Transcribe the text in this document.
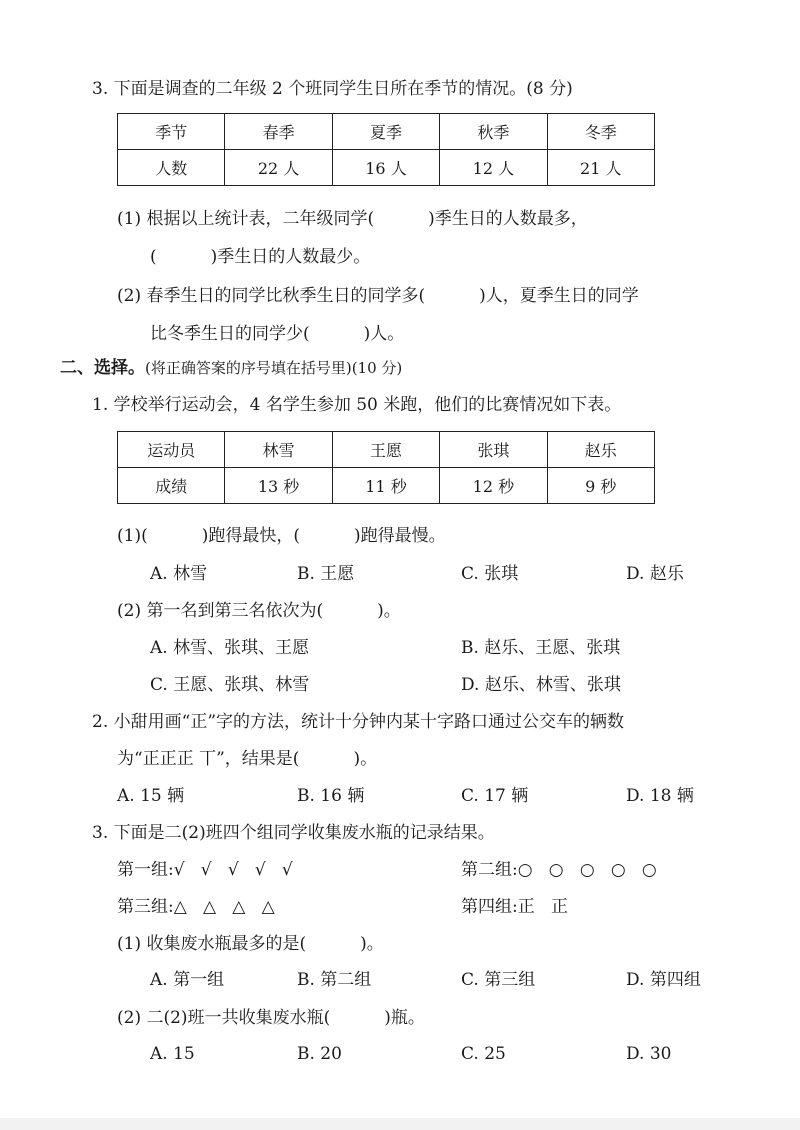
3. 下面是调查的二年级 2 个班同学生日所在季节的情况。(8 分)
季节	春季	夏季	秋季	冬季
人数	22 人	16 人	12 人	21 人
(1) 根据以上统计表，二年级同学(          )季生日的人数最多，
(          )季生日的人数最少。
(2) 春季生日的同学比秋季生日的同学多(          )人，夏季生日的同学
比冬季生日的同学少(          )人。
二、选择。(将正确答案的序号填在括号里)(10 分)
1. 学校举行运动会，4 名学生参加 50 米跑，他们的比赛情况如下表。
运动员	林雪	王愿	张琪	赵乐
成绩	13 秒	11 秒	12 秒	9 秒
(1)(          )跑得最快，(          )跑得最慢。
A. 林雪	B. 王愿	C. 张琪	D. 赵乐
(2) 第一名到第三名依次为(          )。
A. 林雪、张琪、王愿	B. 赵乐、王愿、张琪
C. 王愿、张琪、林雪	D. 赵乐、林雪、张琪
2. 小甜用画“正”字的方法，统计十分钟内某十字路口通过公交车的辆数
为“正正正 丅”，结果是(          )。
A. 15 辆	B. 16 辆	C. 17 辆	D. 18 辆
3. 下面是二(2)班四个组同学收集废水瓶的记录结果。
第一组:√   √   √   √   √	第二组:○   ○   ○   ○   ○
第三组:△   △   △   △	第四组:正   正
(1) 收集废水瓶最多的是(          )。
A. 第一组	B. 第二组	C. 第三组	D. 第四组
(2) 二(2)班一共收集废水瓶(          )瓶。
A. 15	B. 20	C. 25	D. 30
